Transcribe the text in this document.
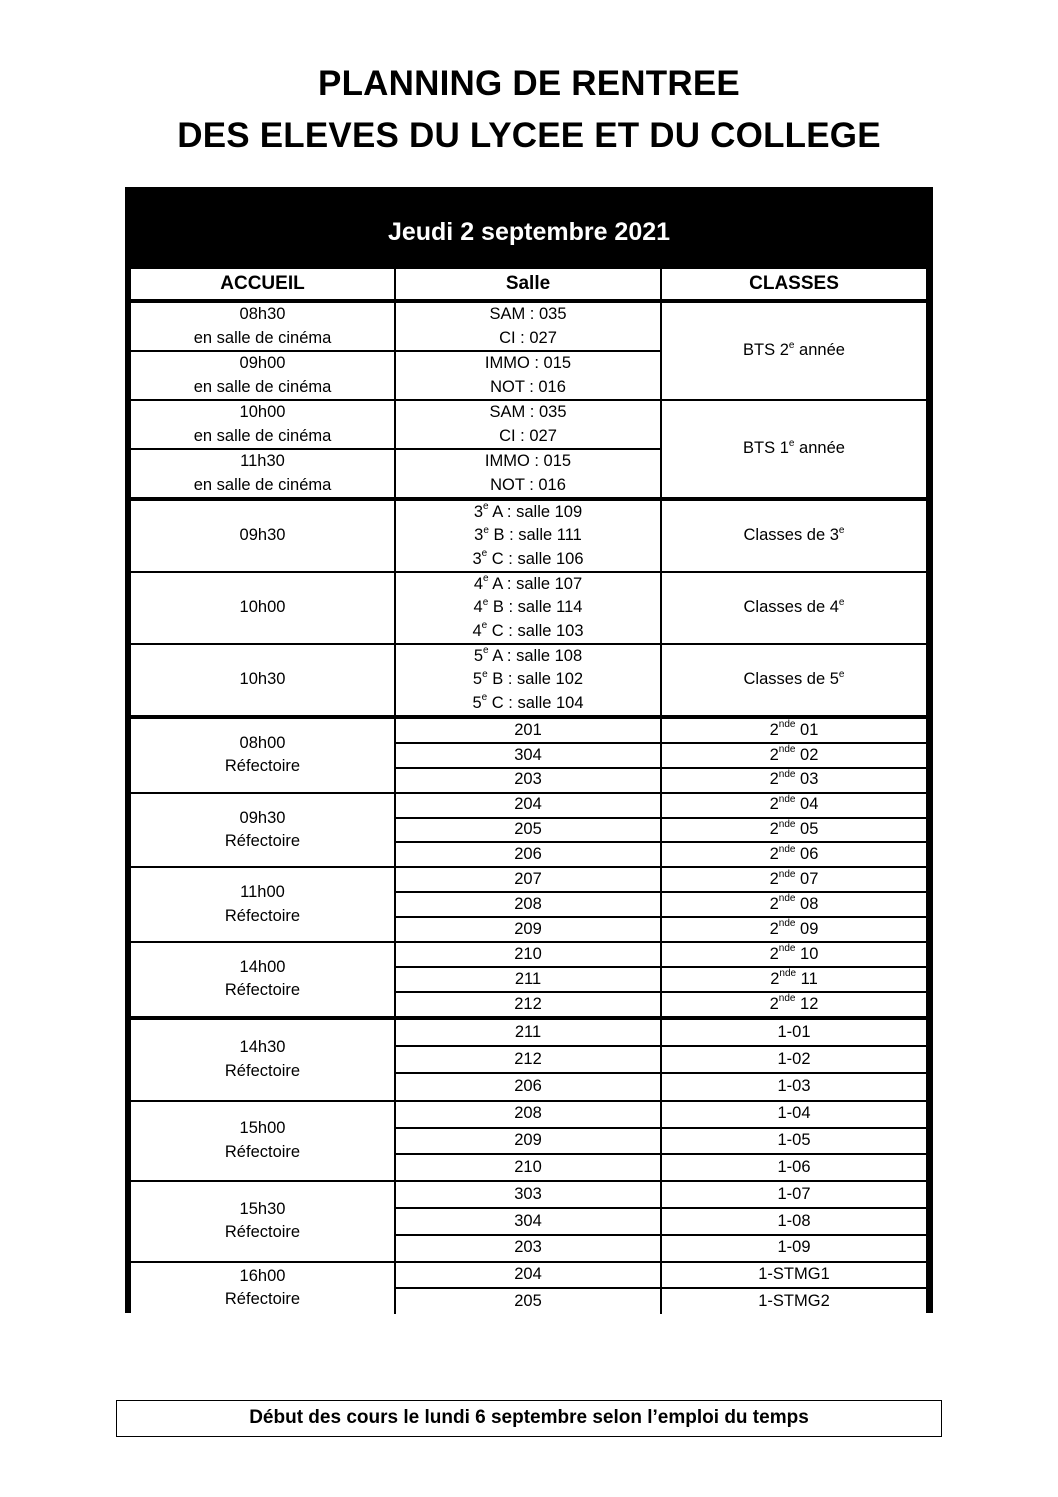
PLANNING DE RENTREE
DES ELEVES DU LYCEE ET DU COLLEGE
Jeudi 2 septembre 2021
ACCUEIL	Salle	CLASSES
08h30
en salle de cinéma
09h00
en salle de cinéma
10h00
en salle de cinéma
11h30
en salle de cinéma
SAM : 035
CI : 027
IMMO : 015
NOT : 016
SAM : 035
CI : 027
IMMO : 015
NOT : 016
BTS 2e année
BTS 1e année
09h30
10h00
10h30
3e A : salle 109
3e B : salle 111
3e C : salle 106
4e A : salle 107
4e B : salle 114
4e C : salle 103
5e A : salle 108
5e B : salle 102
5e C : salle 104
Classes de 3e
Classes de 4e
Classes de 5e
08h00
Réfectoire
09h30
Réfectoire
11h00
Réfectoire
14h00
Réfectoire
201
304
203
204
205
206
207
208
209
210
211
212
2nde 01
2nde 02
2nde 03
2nde 04
2nde 05
2nde 06
2nde 07
2nde 08
2nde 09
2nde 10
2nde 11
2nde 12
14h30
Réfectoire
15h00
Réfectoire
15h30
Réfectoire
16h00
Réfectoire
211
212
206
208
209
210
303
304
203
204
205
1-01
1-02
1-03
1-04
1-05
1-06
1-07
1-08
1-09
1-STMG1
1-STMG2
Début des cours le lundi 6 septembre selon l’emploi du temps
